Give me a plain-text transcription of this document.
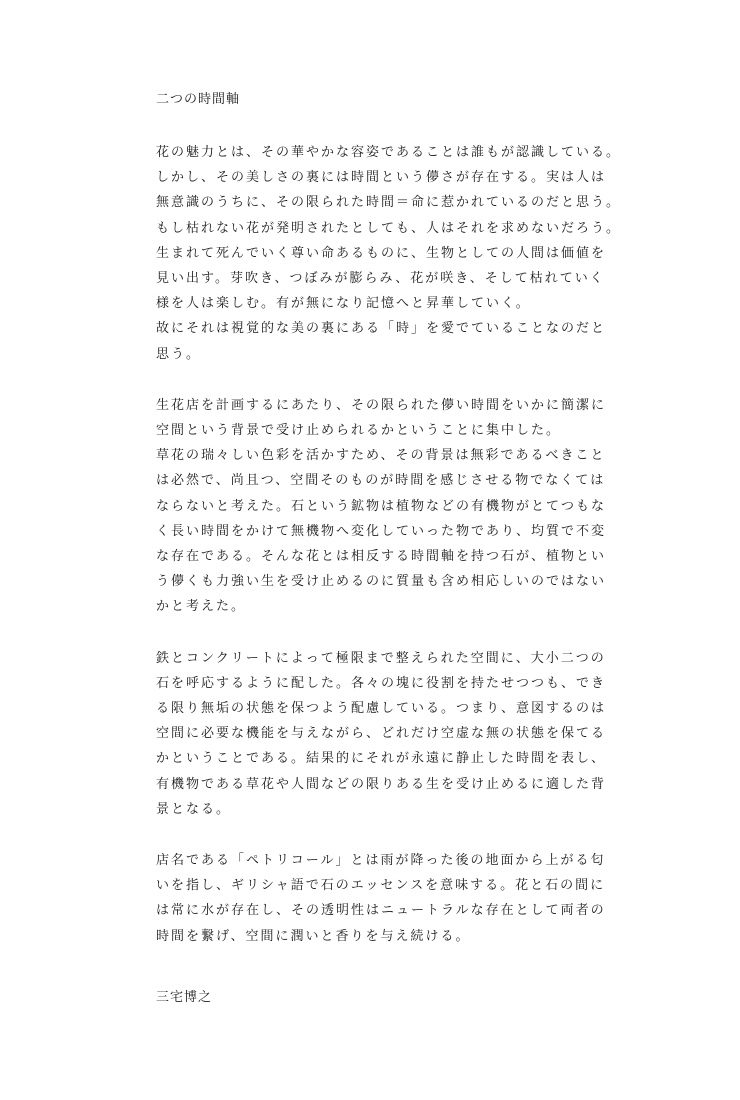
二つの時間軸
花の魅力とは、その華やかな容姿であることは誰もが認識している。
しかし、その美しさの裏には時間という儚さが存在する。実は人は
無意識のうちに、その限られた時間＝命に惹かれているのだと思う。
もし枯れない花が発明されたとしても、人はそれを求めないだろう。
生まれて死んでいく尊い命あるものに、生物としての人間は価値を
見い出す。芽吹き、つぼみが膨らみ、花が咲き、そして枯れていく
様を人は楽しむ。有が無になり記憶へと昇華していく。
故にそれは視覚的な美の裏にある「時」を愛でていることなのだと
思う。
生花店を計画するにあたり、その限られた儚い時間をいかに簡潔に
空間という背景で受け止められるかということに集中した。
草花の瑞々しい色彩を活かすため、その背景は無彩であるべきこと
は必然で、尚且つ、空間そのものが時間を感じさせる物でなくては
ならないと考えた。石という鉱物は植物などの有機物がとてつもな
く長い時間をかけて無機物へ変化していった物であり、均質で不変
な存在である。そんな花とは相反する時間軸を持つ石が、植物とい
う儚くも力強い生を受け止めるのに質量も含め相応しいのではない
かと考えた。
鉄とコンクリートによって極限まで整えられた空間に、大小二つの
石を呼応するように配した。各々の塊に役割を持たせつつも、でき
る限り無垢の状態を保つよう配慮している。つまり、意図するのは
空間に必要な機能を与えながら、どれだけ空虚な無の状態を保てる
かということである。結果的にそれが永遠に静止した時間を表し、
有機物である草花や人間などの限りある生を受け止めるに適した背
景となる。
店名である「ペトリコール」とは雨が降った後の地面から上がる匂
いを指し、ギリシャ語で石のエッセンスを意味する。花と石の間に
は常に水が存在し、その透明性はニュートラルな存在として両者の
時間を繋げ、空間に潤いと香りを与え続ける。
三宅博之
